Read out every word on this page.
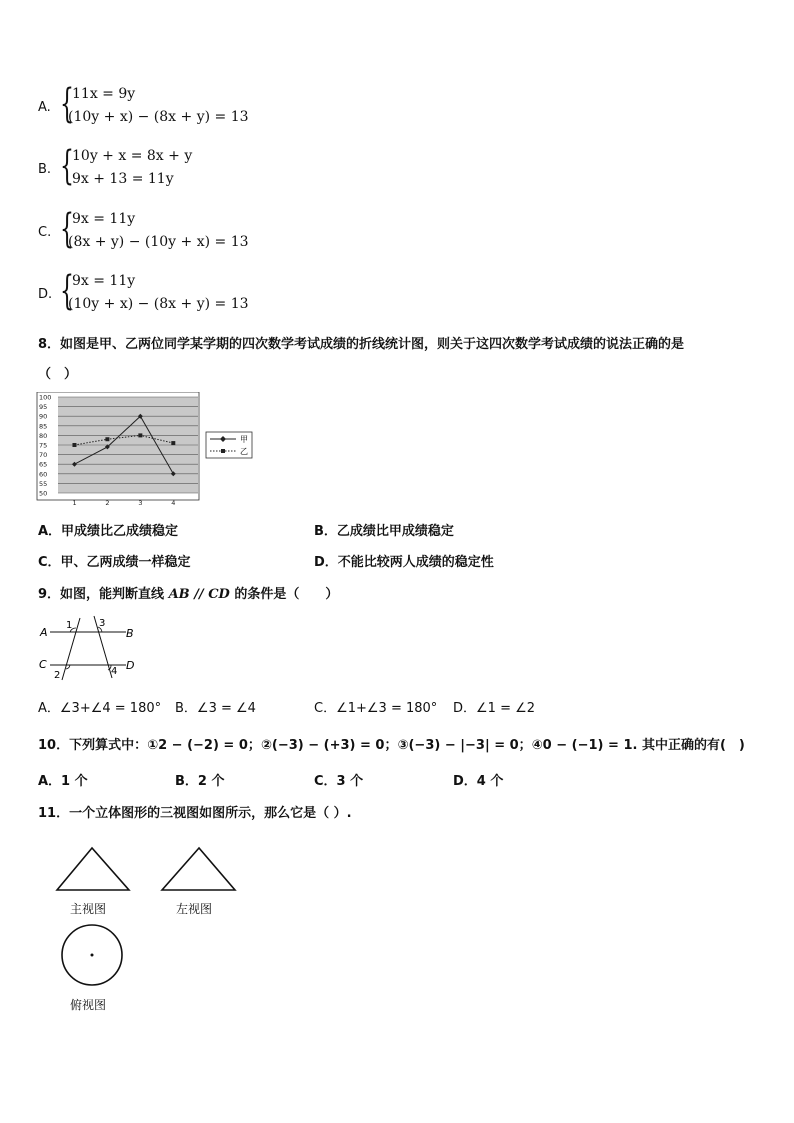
A. {
11x = 9y
(10y + x) − (8x + y) = 13
B. {
10y + x = 8x + y
9x + 13 = 11y
C. {
9x = 11y
(8x + y) − (10y + x) = 13
D. {
9x = 11y
(10y + x) − (8x + y) = 13
8．如图是甲、乙两位同学某学期的四次数学考试成绩的折线统计图，则关于这四次数学考试成绩的说法正确的是
（　）
100
95
90
85
80
75
70
65
60
55
50
1	2	3	4
甲
乙
A．甲成绩比乙成绩稳定	B．乙成绩比甲成绩稳定
C．甲、乙两成绩一样稳定	D．不能比较两人成绩的稳定性
9．如图，能判断直线 AB // CD 的条件是（　　）
A	B
C	D
1	3
2	4
A．∠3+∠4 = 180° B．∠3 = ∠4	C．∠1+∠3 = 180° D．∠1 = ∠2
10．下列算式中：①2 − (−2) = 0；②(−3) − (+3) = 0；③(−3) − |−3| = 0；④0 − (−1) = 1. 其中正确的有(　)
A．1 个	B．2 个	C．3 个	D．4 个
11．一个立体图形的三视图如图所示，那么它是（ ）.
主视图	左视图
俯视图
